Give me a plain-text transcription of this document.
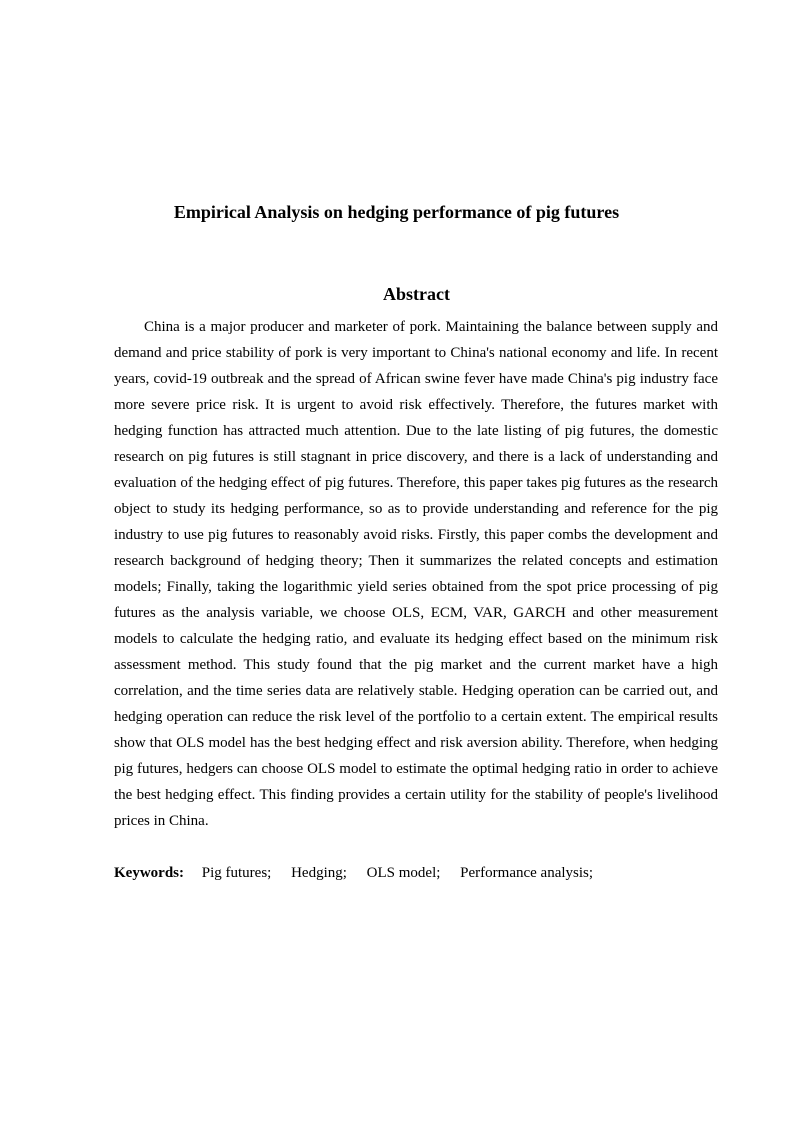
Empirical Analysis on hedging performance of pig futures
Abstract

China is a major producer and marketer of pork. Maintaining the balance between supply and demand and price stability of pork is very important to China's national economy and life. In recent years, covid-19 outbreak and the spread of African swine fever have made China's pig industry face more severe price risk. It is urgent to avoid risk effectively. Therefore, the futures market with hedging function has attracted much attention. Due to the late listing of pig futures, the domestic research on pig futures is still stagnant in price discovery, and there is a lack of understanding and evaluation of the hedging effect of pig futures. Therefore, this paper takes pig futures as the research object to study its hedging performance, so as to provide understanding and reference for the pig industry to use pig futures to reasonably avoid risks. Firstly, this paper combs the development and research background of hedging theory; Then it summarizes the related concepts and estimation models; Finally, taking the logarithmic yield series obtained from the spot price processing of pig futures as the analysis variable, we choose OLS, ECM, VAR, GARCH and other measurement models to calculate the hedging ratio, and evaluate its hedging effect based on the minimum risk assessment method. This study found that the pig market and the current market have a high correlation, and the time series data are relatively stable. Hedging operation can be carried out, and hedging operation can reduce the risk level of the portfolio to a certain extent. The empirical results show that OLS model has the best hedging effect and risk aversion ability. Therefore, when hedging pig futures, hedgers can choose OLS model to estimate the optimal hedging ratio in order to achieve the best hedging effect. This finding provides a certain utility for the stability of people's livelihood prices in China.

Keywords: Pig futures; Hedging; OLS model; Performance analysis;
